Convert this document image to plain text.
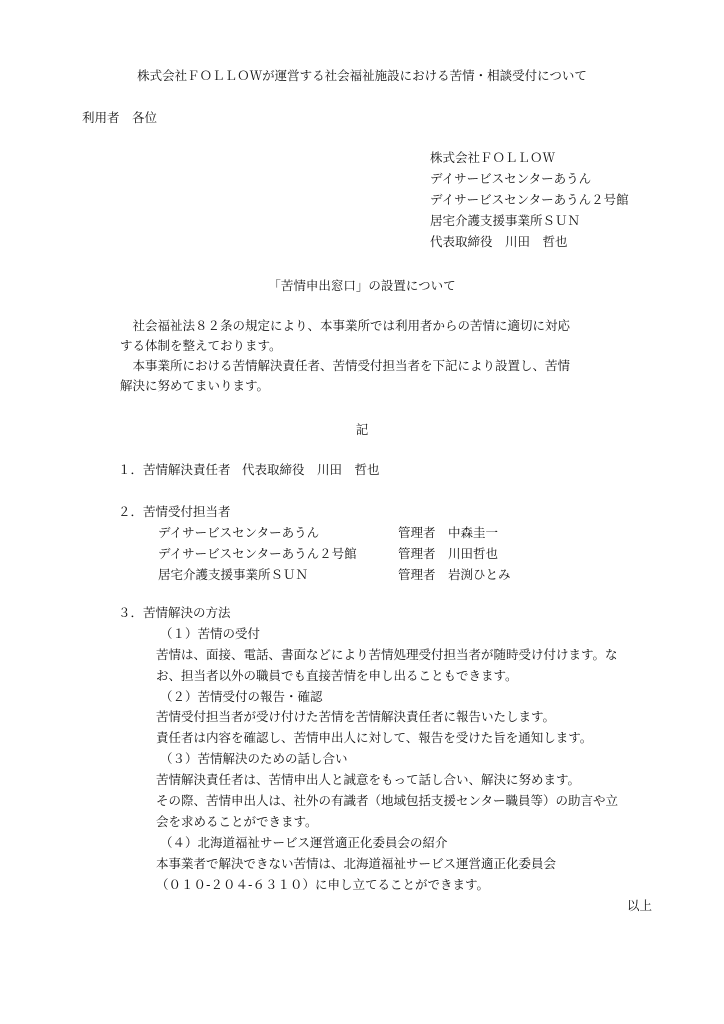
株式会社ＦＯＬＬＯＷが運営する社会福祉施設における苦情・相談受付について
利用者　各位
株式会社ＦＯＬＬＯＷ
デイサービスセンターあうん
デイサービスセンターあうん２号館
居宅介護支援事業所ＳＵＮ
代表取締役　川田　哲也
「苦情申出窓口」の設置について
　社会福祉法８２条の規定により、本事業所では利用者からの苦情に適切に対応
する体制を整えております。
　本事業所における苦情解決責任者、苦情受付担当者を下記により設置し、苦情
解決に努めてまいります。
記
１．苦情解決責任者 代表取締役　川田　哲也
２．苦情受付担当者
デイサービスセンターあうん	管理者　中森圭一
デイサービスセンターあうん２号館	管理者　川田哲也
居宅介護支援事業所ＳＵＮ	管理者　岩渕ひとみ
３．苦情解決の方法
（１）苦情の受付
苦情は、面接、電話、書面などにより苦情処理受付担当者が随時受け付けます。な
お、担当者以外の職員でも直接苦情を申し出ることもできます。
（２）苦情受付の報告・確認
苦情受付担当者が受け付けた苦情を苦情解決責任者に報告いたします。
責任者は内容を確認し、苦情申出人に対して、報告を受けた旨を通知します。
（３）苦情解決のための話し合い
苦情解決責任者は、苦情申出人と誠意をもって話し合い、解決に努めます。
その際、苦情申出人は、社外の有識者（地域包括支援センター職員等）の助言や立
会を求めることができます。
（４）北海道福祉サービス運営適正化委員会の紹介
本事業者で解決できない苦情は、北海道福祉サービス運営適正化委員会
（０１０-２０４-６３１０）に申し立てることができます。
以上
